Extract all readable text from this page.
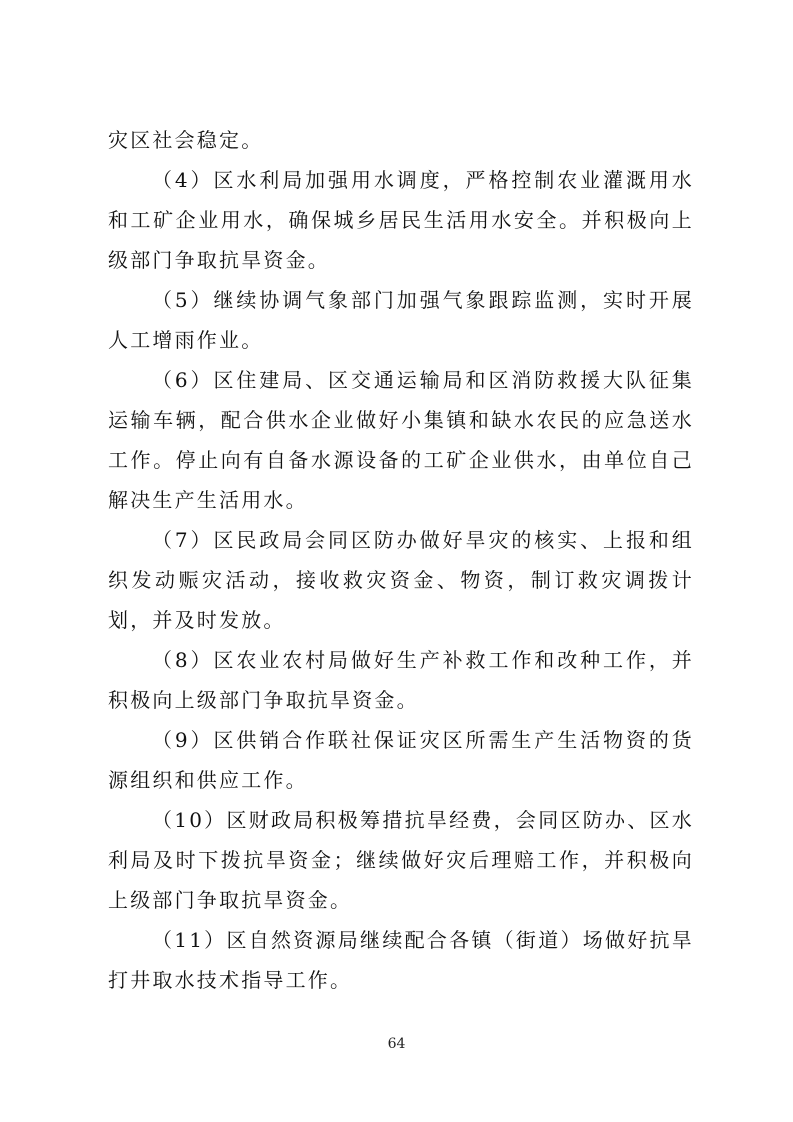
灾区社会稳定。

（4）区水利局加强用水调度，严格控制农业灌溉用水和工矿企业用水，确保城乡居民生活用水安全。并积极向上级部门争取抗旱资金。

（5）继续协调气象部门加强气象跟踪监测，实时开展人工增雨作业。

（6）区住建局、区交通运输局和区消防救援大队征集运输车辆，配合供水企业做好小集镇和缺水农民的应急送水工作。停止向有自备水源设备的工矿企业供水，由单位自己解决生产生活用水。

（7）区民政局会同区防办做好旱灾的核实、上报和组织发动赈灾活动，接收救灾资金、物资，制订救灾调拨计划，并及时发放。

（8）区农业农村局做好生产补救工作和改种工作，并积极向上级部门争取抗旱资金。

（9）区供销合作联社保证灾区所需生产生活物资的货源组织和供应工作。

（10）区财政局积极筹措抗旱经费，会同区防办、区水利局及时下拨抗旱资金；继续做好灾后理赔工作，并积极向上级部门争取抗旱资金。

（11）区自然资源局继续配合各镇（街道）场做好抗旱打井取水技术指导工作。

64
